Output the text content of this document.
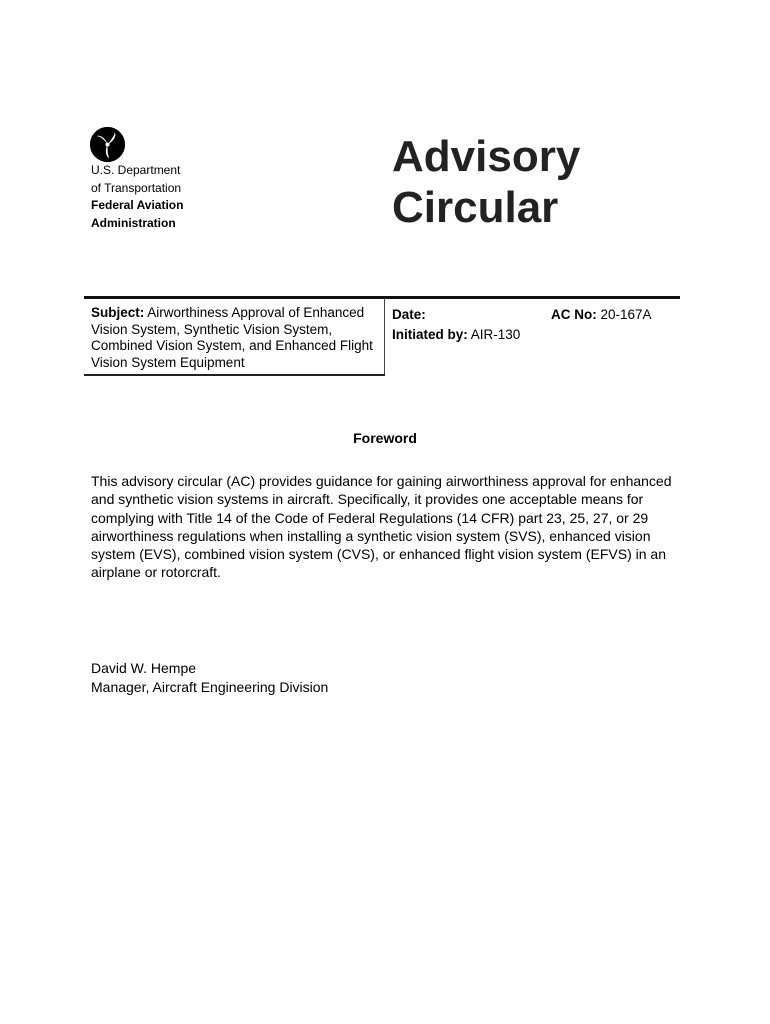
U.S. Department
of Transportation
Federal Aviation
Administration
Advisory
Circular
Subject: Airworthiness Approval of Enhanced Vision System, Synthetic Vision System, Combined Vision System, and Enhanced Flight Vision System Equipment
Date:
Initiated by: AIR-130
AC No: 20-167A
Foreword
This advisory circular (AC) provides guidance for gaining airworthiness approval for enhanced and synthetic vision systems in aircraft. Specifically, it provides one acceptable means for complying with Title 14 of the Code of Federal Regulations (14 CFR) part 23, 25, 27, or 29 airworthiness regulations when installing a synthetic vision system (SVS), enhanced vision system (EVS), combined vision system (CVS), or enhanced flight vision system (EFVS) in an airplane or rotorcraft.
David W. Hempe
Manager, Aircraft Engineering Division
